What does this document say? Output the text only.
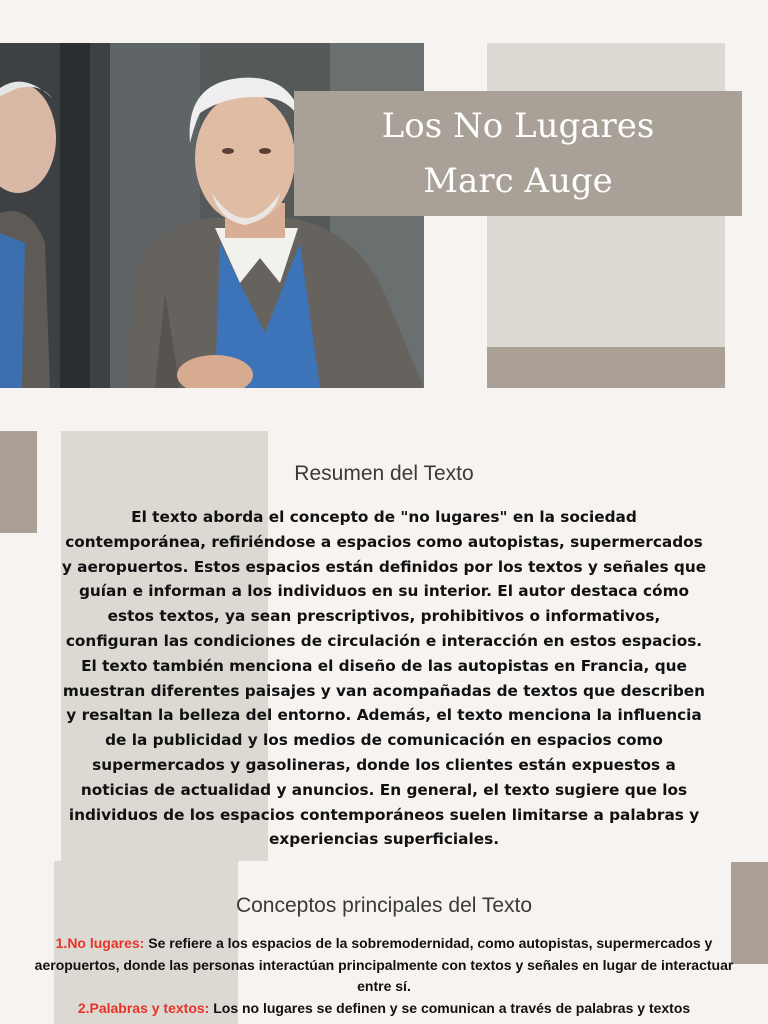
Los No Lugares
Marc Auge
Resumen del Texto

El texto aborda el concepto de "no lugares" en la sociedad contemporánea, refiriéndose a espacios como autopistas, supermercados y aeropuertos. Estos espacios están definidos por los textos y señales que guían e informan a los individuos en su interior. El autor destaca cómo estos textos, ya sean prescriptivos, prohibitivos o informativos, configuran las condiciones de circulación e interacción en estos espacios. El texto también menciona el diseño de las autopistas en Francia, que muestran diferentes paisajes y van acompañadas de textos que describen y resaltan la belleza del entorno. Además, el texto menciona la influencia de la publicidad y los medios de comunicación en espacios como supermercados y gasolineras, donde los clientes están expuestos a noticias de actualidad y anuncios. En general, el texto sugiere que los individuos de los espacios contemporáneos suelen limitarse a palabras y experiencias superficiales.

Conceptos principales del Texto

1.No lugares: Se refiere a los espacios de la sobremodernidad, como autopistas, supermercados y aeropuertos, donde las personas interactúan principalmente con textos y señales en lugar de interactuar entre sí.
2.Palabras y textos: Los no lugares se definen y se comunican a través de palabras y textos
